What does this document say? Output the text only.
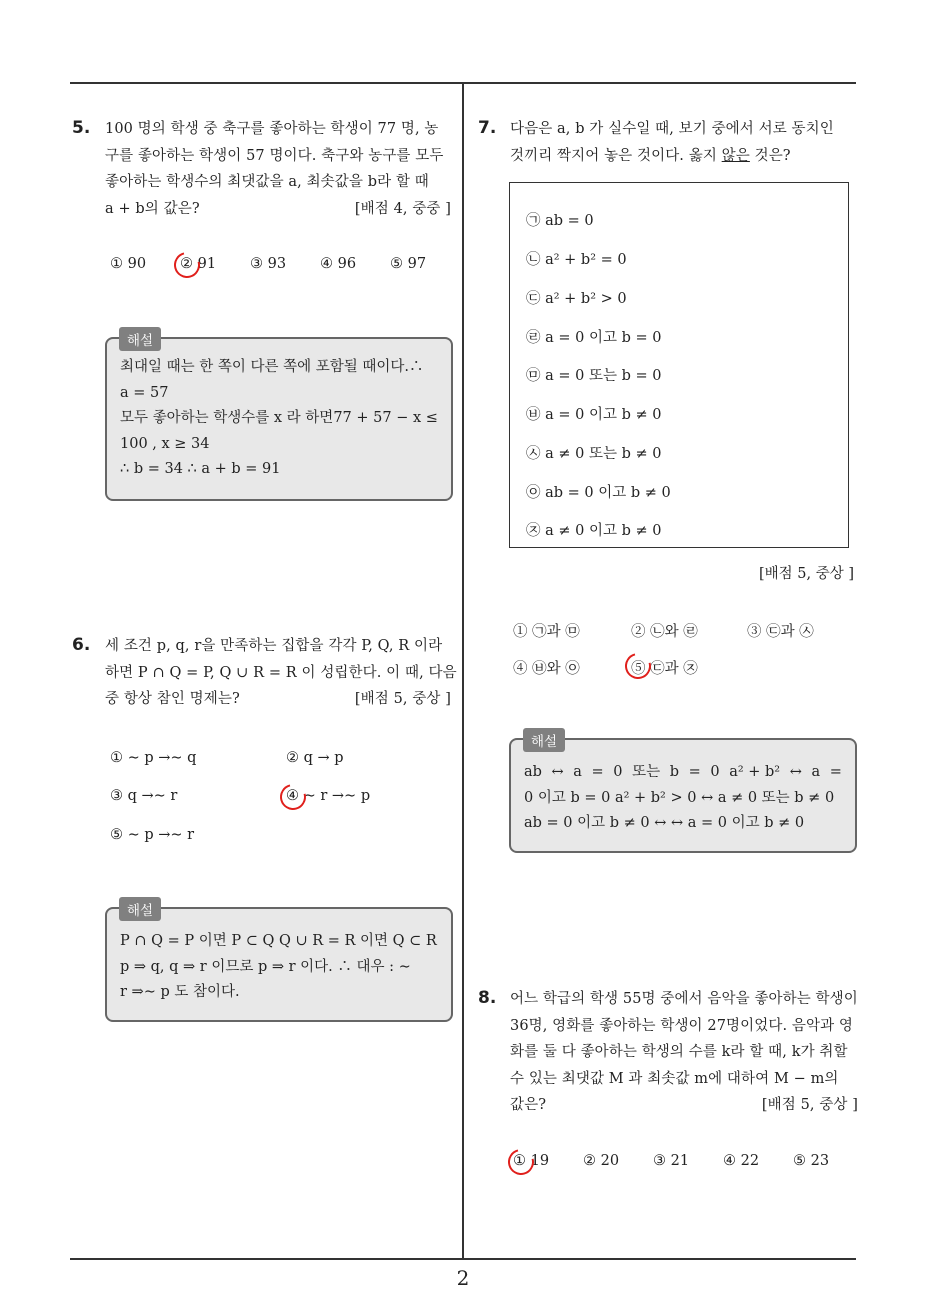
2
5. 100 명의 학생 중 축구를 좋아하는 학생이 77 명, 농
구를 좋아하는 학생이 57 명이다. 축구와 농구를 모두
좋아하는 학생수의 최댓값을 a, 최솟값을 b라 할 때
a + b의 값은?	[배점 4, 중중 ]
① 90 ② 91 ③ 93 ④ 96 ⑤ 97
해설
최대일 때는 한 쪽이 다른 쪽에 포함될 때이다.∴
a = 57
모두 좋아하는 학생수를 x 라 하면77 + 57 − x ≤
100 , x ≥ 34
∴ b = 34 ∴ a + b = 91
6. 세 조건 p, q, r을 만족하는 집합을 각각 P, Q, R 이라
하면 P ∩ Q = P, Q ∪ R = R 이 성립한다. 이 때, 다음
중 항상 참인 명제는?	[배점 5, 중상 ]
① ∼ p →∼ q	② q → p
③ q →∼ r	④ ∼ r →∼ p
⑤ ∼ p →∼ r
해설
P ∩ Q = P 이면 P ⊂ Q Q ∪ R = R 이면 Q ⊂ R
p ⇒ q, q ⇒ r 이므로 p ⇒ r 이다. ∴ 대우 : ∼
r ⇒∼ p 도 참이다.
7. 다음은 a, b 가 실수일 때, 보기 중에서 서로 동치인
것끼리 짝지어 놓은 것이다. 옳지 않은 것은?
㉠ ab = 0
㉡ a² + b² = 0
㉢ a² + b² > 0
㉣ a = 0 이고 b = 0
㉤ a = 0 또는 b = 0
㉥ a = 0 이고 b ≠ 0
㉦ a ≠ 0 또는 b ≠ 0
㉧ ab = 0 이고 b ≠ 0
㉨ a ≠ 0 이고 b ≠ 0
[배점 5, 중상 ]
① ㉠과 ㉤	② ㉡와 ㉣	③ ㉢과 ㉦
④ ㉥와 ㉧	⑤ ㉢과 ㉨
해설
ab ↔ a = 0 또는 b = 0 a² + b² ↔ a =
0 이고 b = 0 a² + b² > 0 ↔ a ≠ 0 또는 b ≠ 0
ab = 0 이고 b ≠ 0 ↔ ↔ a = 0 이고 b ≠ 0
8. 어느 학급의 학생 55명 중에서 음악을 좋아하는 학생이
36명, 영화를 좋아하는 학생이 27명이었다. 음악과 영
화를 둘 다 좋아하는 학생의 수를 k라 할 때, k가 취할
수 있는 최댓값 M 과 최솟값 m에 대하여 M − m의
값은?	[배점 5, 중상 ]
① 19 ② 20 ③ 21 ④ 22 ⑤ 23
